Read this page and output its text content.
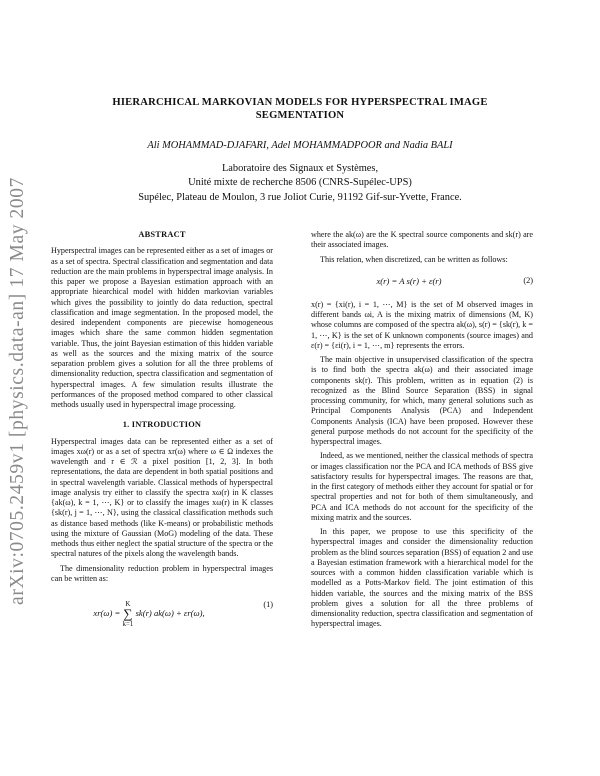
arXiv:0705.2459v1 [physics.data-an] 17 May 2007
HIERARCHICAL MARKOVIAN MODELS FOR HYPERSPECTRAL IMAGE
SEGMENTATION
Ali MOHAMMAD-DJAFARI, Adel MOHAMMADPOOR and Nadia BALI
Laboratoire des Signaux et Systèmes,
Unité mixte de recherche 8506 (CNRS-Supélec-UPS)
Supélec, Plateau de Moulon, 3 rue Joliot Curie, 91192 Gif-sur-Yvette, France.
ABSTRACT

Hyperspectral images can be represented either as a set of images or as a set of spectra. Spectral classification and segmentation and data reduction are the main problems in hyperspectral image analysis. In this paper we propose a Bayesian estimation approach with an appropriate hiearchical model with hidden markovian variables which gives the possibility to jointly do data reduction, spectral classification and image segmentation. In the proposed model, the desired independent components are piecewise homogeneous images which share the same common hidden segmentation variable. Thus, the joint Bayesian estimation of this hidden variable as well as the sources and the mixing matrix of the source separation problem gives a solution for all the three problems of dimensionality reduction, spectra classification and segmentation of hyperspectral images. A few simulation results illustrate the performances of the proposed method compared to other classical methods usually used in hyperspectral image processing.

1. INTRODUCTION

Hyperspectral images data can be represented either as a set of images xω(r) or as a set of spectra xr(ω) where ω ∈ Ω indexes the wavelength and r ∈ ℛ a pixel position [1, 2, 3]. In both representations, the data are dependent in both spatial positions and in spectral wavelength variable. Classical methods of hyperspectral image analysis try either to classify the spectra xω(r) in K classes {ak(ω), k = 1, ⋯, K} or to classify the images xω(r) in K classes {sk(r), j = 1, ⋯, N}, using the classical classification methods such as distance based methods (like K-means) or probabilistic methods using the mixture of Gaussian (MoG) modeling of the data. These methods thus either neglect the spatial structure of the spectra or the spectral natures of the pixels along the wavelength bands.

The dimensionality reduction problem in hyperspectral images can be written as:

xr(ω) = K
∑
k=1 sk(r) ak(ω) + εr(ω),
(1)

where the ak(ω) are the K spectral source components and sk(r) are their associated images.

This relation, when discretized, can be written as follows:

x(r) = A s(r) + ε(r)	(2)

x(r) = {xi(r), i = 1, ⋯, M} is the set of M observed images in different bands ωi, A is the mixing matrix of dimensions (M, K) whose columns are composed of the spectra ak(ω), s(r) = {sk(r), k = 1, ⋯, K} is the set of K unknown components (source images) and ε(r) = {εi(r), i = 1, ⋯, m} represents the errors.

The main objective in unsupervised classification of the spectra is to find both the spectra ak(ω) and their associated image components sk(r). This problem, written as in equation (2) is recognized as the Blind Source Separation (BSS) in signal processing community, for which, many general solutions such as Principal Components Analysis (PCA) and Independent Components Analysis (ICA) have been proposed. However these general purpose methods do not account for the specificity of the hyperspectral images.

Indeed, as we mentioned, neither the classical methods of spectra or images classification nor the PCA and ICA methods of BSS give satisfactory results for hyperspectral images. The reasons are that, in the first category of methods either they account for spatial or for spectral properties and not for both of them simultaneously, and PCA and ICA methods do not account for the specificity of the mixing matrix and the sources.

In this paper, we propose to use this specificity of the hyperspectral images and consider the dimensionality reduction problem as the blind sources separation (BSS) of equation 2 and use a Bayesian estimation framework with a hierarchical model for the sources with a common hidden classification variable which is modelled as a Potts-Markov field. The joint estimation of this hidden variable, the sources and the mixing matrix of the BSS problem gives a solution for all the three problems of dimensionality reduction, spectra classification and segmentation of hyperspectral images.
